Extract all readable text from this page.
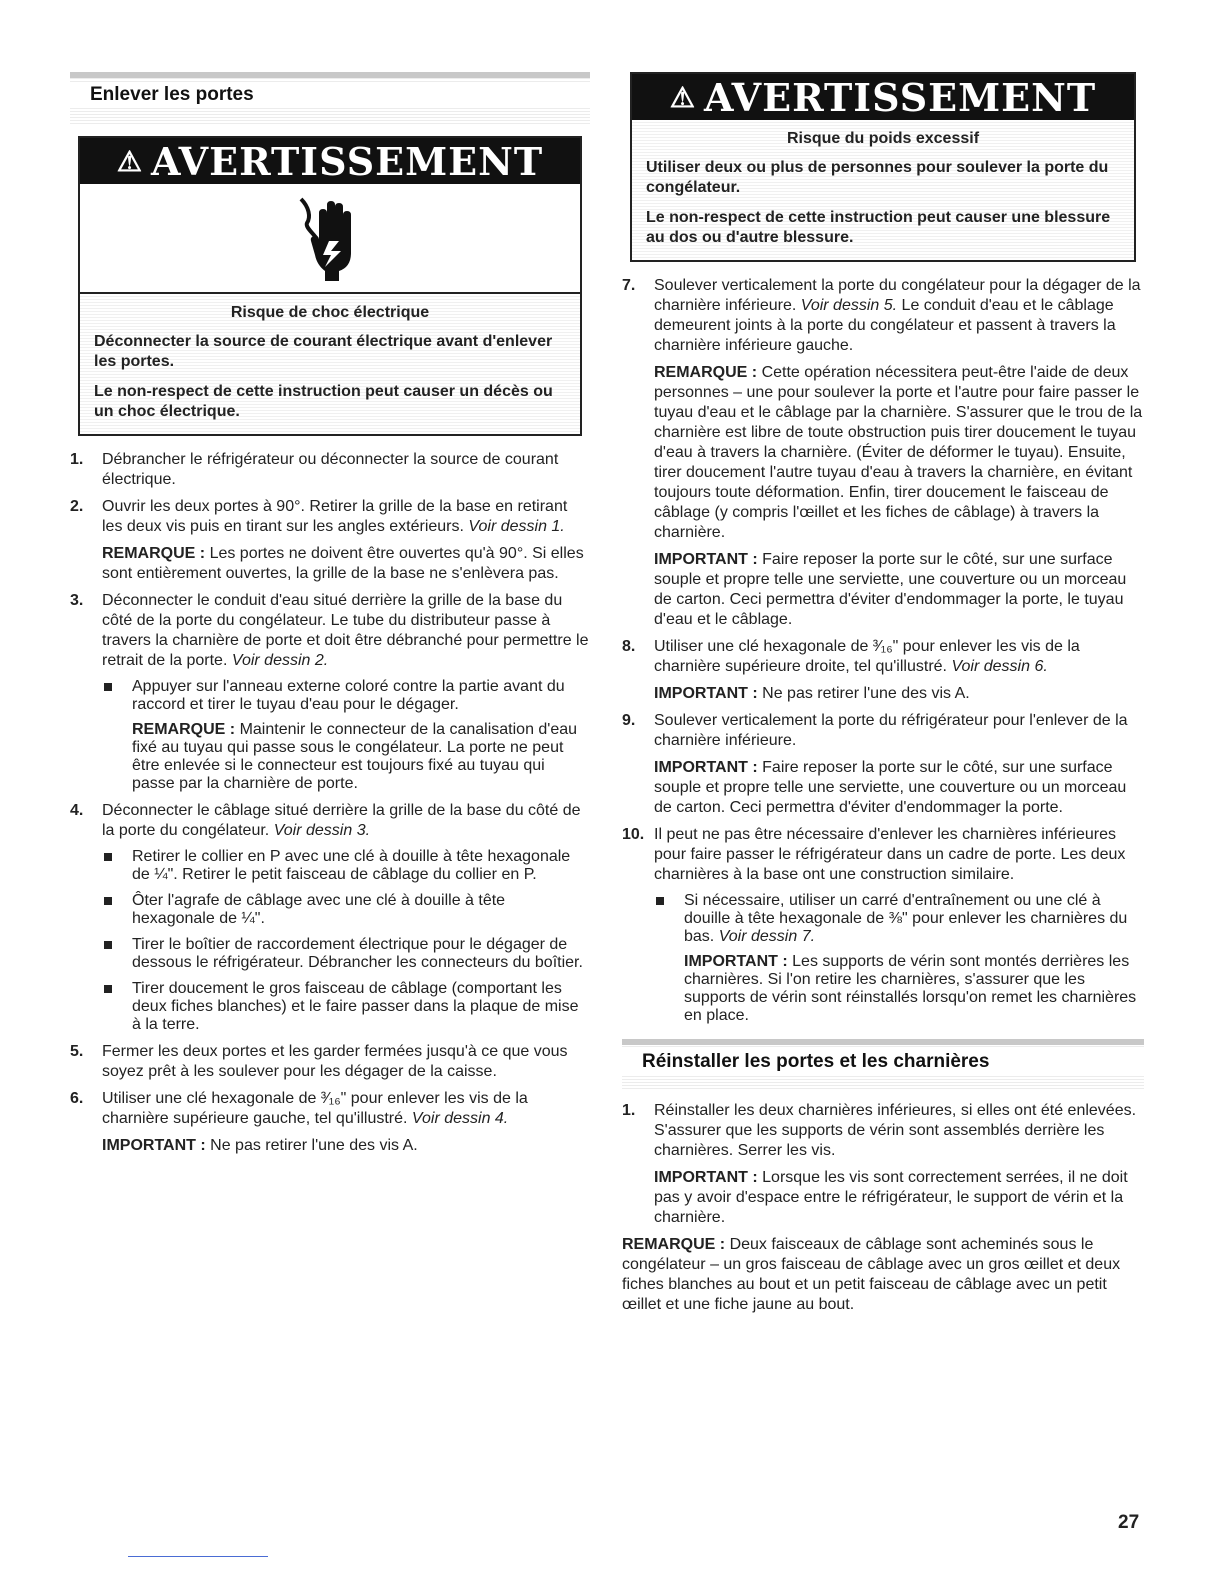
Enlever les portes
⚠ AVERTISSEMENT

Risque de choc électrique

Déconnecter la source de courant électrique avant d'enlever les portes.

Le non-respect de cette instruction peut causer un décès ou un choc électrique.

1. Débrancher le réfrigérateur ou déconnecter la source de courant électrique.

2. Ouvrir les deux portes à 90°. Retirer la grille de la base en retirant les deux vis puis en tirant sur les angles extérieurs. Voir dessin 1.

REMARQUE : Les portes ne doivent être ouvertes qu'à 90°. Si elles sont entièrement ouvertes, la grille de la base ne s'enlèvera pas.

3. Déconnecter le conduit d'eau situé derrière la grille de la base du côté de la porte du congélateur. Le tube du distributeur passe à travers la charnière de porte et doit être débranché pour permettre le retrait de la porte. Voir dessin 2.

Appuyer sur l'anneau externe coloré contre la partie avant du raccord et tirer le tuyau d'eau pour le dégager.

REMARQUE : Maintenir le connecteur de la canalisation d'eau fixé au tuyau qui passe sous le congélateur. La porte ne peut être enlevée si le connecteur est toujours fixé au tuyau qui passe par la charnière de porte.

4. Déconnecter le câblage situé derrière la grille de la base du côté de la porte du congélateur. Voir dessin 3.

Retirer le collier en P avec une clé à douille à tête hexagonale de ¼". Retirer le petit faisceau de câblage du collier en P.
Ôter l'agrafe de câblage avec une clé à douille à tête hexagonale de ¼".
Tirer le boîtier de raccordement électrique pour le dégager de dessous le réfrigérateur. Débrancher les connecteurs du boîtier.
Tirer doucement le gros faisceau de câblage (comportant les deux fiches blanches) et le faire passer dans la plaque de mise à la terre.
5. Fermer les deux portes et les garder fermées jusqu'à ce que vous soyez prêt à les soulever pour les dégager de la caisse.

6. Utiliser une clé hexagonale de ³⁄₁₆" pour enlever les vis de la charnière supérieure gauche, tel qu'illustré. Voir dessin 4.

IMPORTANT : Ne pas retirer l'une des vis A.

⚠ AVERTISSEMENT

Risque du poids excessif

Utiliser deux ou plus de personnes pour soulever la porte du congélateur.

Le non-respect de cette instruction peut causer une blessure au dos ou d'autre blessure.

7. Soulever verticalement la porte du congélateur pour la dégager de la charnière inférieure. Voir dessin 5. Le conduit d'eau et le câblage demeurent joints à la porte du congélateur et passent à travers la charnière inférieure gauche.

REMARQUE : Cette opération nécessitera peut-être l'aide de deux personnes – une pour soulever la porte et l'autre pour faire passer le tuyau d'eau et le câblage par la charnière. S'assurer que le trou de la charnière est libre de toute obstruction puis tirer doucement le tuyau d'eau à travers la charnière. (Éviter de déformer le tuyau). Ensuite, tirer doucement l'autre tuyau d'eau à travers la charnière, en évitant toujours toute déformation. Enfin, tirer doucement le faisceau de câblage (y compris l'œillet et les fiches de câblage) à travers la charnière.

IMPORTANT : Faire reposer la porte sur le côté, sur une surface souple et propre telle une serviette, une couverture ou un morceau de carton. Ceci permettra d'éviter d'endommager la porte, le tuyau d'eau et le câblage.

8. Utiliser une clé hexagonale de ³⁄₁₆" pour enlever les vis de la charnière supérieure droite, tel qu'illustré. Voir dessin 6.

IMPORTANT : Ne pas retirer l'une des vis A.

9. Soulever verticalement la porte du réfrigérateur pour l'enlever de la charnière inférieure.

IMPORTANT : Faire reposer la porte sur le côté, sur une surface souple et propre telle une serviette, une couverture ou un morceau de carton. Ceci permettra d'éviter d'endommager la porte.

10. Il peut ne pas être nécessaire d'enlever les charnières inférieures pour faire passer le réfrigérateur dans un cadre de porte. Les deux charnières à la base ont une construction similaire.

Si nécessaire, utiliser un carré d'entraînement ou une clé à douille à tête hexagonale de ⅜" pour enlever les charnières du bas. Voir dessin 7.

IMPORTANT : Les supports de vérin sont montés derrières les charnières. Si l'on retire les charnières, s'assurer que les supports de vérin sont réinstallés lorsqu'on remet les charnières en place.

Réinstaller les portes et les charnières
1. Réinstaller les deux charnières inférieures, si elles ont été enlevées. S'assurer que les supports de vérin sont assemblés derrière les charnières. Serrer les vis.

IMPORTANT : Lorsque les vis sont correctement serrées, il ne doit pas y avoir d'espace entre le réfrigérateur, le support de vérin et la charnière.

REMARQUE : Deux faisceaux de câblage sont acheminés sous le congélateur – un gros faisceau de câblage avec un gros œillet et deux fiches blanches au bout et un petit faisceau de câblage avec un petit œillet et une fiche jaune au bout.

27
